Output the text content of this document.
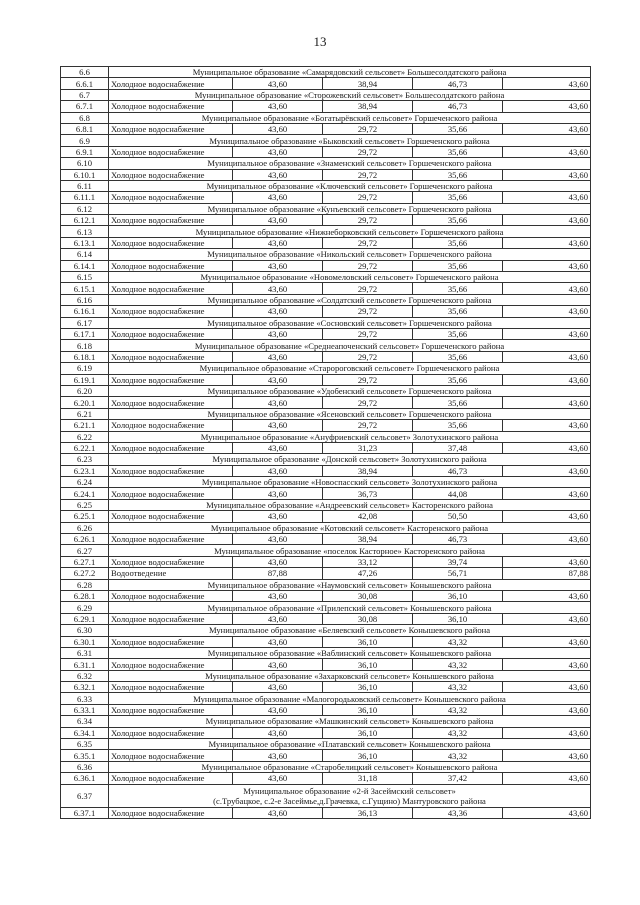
13
6.6	Муниципальное образование «Самарядовский сельсовет» Большесолдатского района				

6.6.1	Холодное водоснабжение	43,60	38,94	46,73	43,60
6.7	Муниципальное образование «Сторожевский сельсовет» Большесолдатского района				

6.7.1	Холодное водоснабжение	43,60	38,94	46,73	43,60
6.8	Муниципальное образование «Богатырёвский сельсовет» Горшеченского района				

6.8.1	Холодное водоснабжение	43,60	29,72	35,66	43,60
6.9	Муниципальное образование «Быковский сельсовет» Горшеченского района				

6.9.1	Холодное водоснабжение	43,60	29,72	35,66	43,60
6.10	Муниципальное образование «Знаменский сельсовет» Горшеченского района				

6.10.1	Холодное водоснабжение	43,60	29,72	35,66	43,60
6.11	Муниципальное образование «Ключевский сельсовет» Горшеченского района				

6.11.1	Холодное водоснабжение	43,60	29,72	35,66	43,60
6.12	Муниципальное образование «Кунъевский сельсовет» Горшеченского района				

6.12.1	Холодное водоснабжение	43,60	29,72	35,66	43,60
6.13	Муниципальное образование «Нижнеборковский сельсовет» Горшеченского района				

6.13.1	Холодное водоснабжение	43,60	29,72	35,66	43,60
6.14	Муниципальное образование «Никольский сельсовет» Горшеченского района				

6.14.1	Холодное водоснабжение	43,60	29,72	35,66	43,60
6.15	Муниципальное образование «Новомеловский сельсовет» Горшеченского района				

6.15.1	Холодное водоснабжение	43,60	29,72	35,66	43,60
6.16	Муниципальное образование «Солдатский сельсовет» Горшеченского района				

6.16.1	Холодное водоснабжение	43,60	29,72	35,66	43,60
6.17	Муниципальное образование «Сосновский сельсовет» Горшеченского района				

6.17.1	Холодное водоснабжение	43,60	29,72	35,66	43,60
6.18	Муниципальное образование «Среднеапоченский сельсовет» Горшеченского района				

6.18.1	Холодное водоснабжение	43,60	29,72	35,66	43,60
6.19	Муниципальное образование «Старороговский сельсовет» Горшеченского района				

6.19.1	Холодное водоснабжение	43,60	29,72	35,66	43,60
6.20	Муниципальное образование «Удобенский сельсовет» Горшеченского района				

6.20.1	Холодное водоснабжение	43,60	29,72	35,66	43,60
6.21	Муниципальное образование «Ясеновский сельсовет» Горшеченского района				

6.21.1	Холодное водоснабжение	43,60	29,72	35,66	43,60
6.22	Муниципальное образование «Ануфриевский сельсовет» Золотухинского района				

6.22.1	Холодное водоснабжение	43,60	31,23	37,48	43,60
6.23	Муниципальное образование «Донской сельсовет» Золотухинского района				

6.23.1	Холодное водоснабжение	43,60	38,94	46,73	43,60
6.24	Муниципальное образование «Новоспасский сельсовет» Золотухинского района				

6.24.1	Холодное водоснабжение	43,60	36,73	44,08	43,60
6.25	Муниципальное образование «Андреевский сельсовет» Касторенского района				

6.25.1	Холодное водоснабжение	43,60	42,08	50,50	43,60
6.26	Муниципальное образование «Котовский сельсовет» Касторенского района				

6.26.1	Холодное водоснабжение	43,60	38,94	46,73	43,60
6.27	Муниципальное образование «поселок Касторное» Касторенского района				

6.27.1	Холодное водоснабжение	43,60	33,12	39,74	43,60
6.27.2	Водоотведение	87,88	47,26	56,71	87,88
6.28	Муниципальное образование «Наумовский сельсовет» Конышевского района				

6.28.1	Холодное водоснабжение	43,60	30,08	36,10	43,60
6.29	Муниципальное образование «Прилепский сельсовет» Конышевского района				

6.29.1	Холодное водоснабжение	43,60	30,08	36,10	43,60
6.30	Муниципальное образование «Беляевский сельсовет» Конышевского района				

6.30.1	Холодное водоснабжение	43,60	36,10	43,32	43,60
6.31	Муниципальное образование «Ваблинский сельсовет» Конышевского района				

6.31.1	Холодное водоснабжение	43,60	36,10	43,32	43,60
6.32	Муниципальное образование «Захарковский сельсовет» Конышевского района				

6.32.1	Холодное водоснабжение	43,60	36,10	43,32	43,60
6.33	Муниципальное образование «Малогородьковский сельсовет» Конышевского района				

6.33.1	Холодное водоснабжение	43,60	36,10	43,32	43,60
6.34	Муниципальное образование «Машкинский сельсовет» Конышевского района				

6.34.1	Холодное водоснабжение	43,60	36,10	43,32	43,60
6.35	Муниципальное образование «Платавский сельсовет» Конышевского района				

6.35.1	Холодное водоснабжение	43,60	36,10	43,32	43,60
6.36	Муниципальное образование «Старобелицкий сельсовет» Конышевского района				

6.36.1	Холодное водоснабжение	43,60	31,18	37,42	43,60
6.37	Муниципальное образование «2-й Засеймский сельсовет»
(с.Трубацкое, с.2-е Засеймье,д.Грачевка, с.Гущино) Мантуровского района				

6.37.1	Холодное водоснабжение	43,60	36,13	43,36	43,60
